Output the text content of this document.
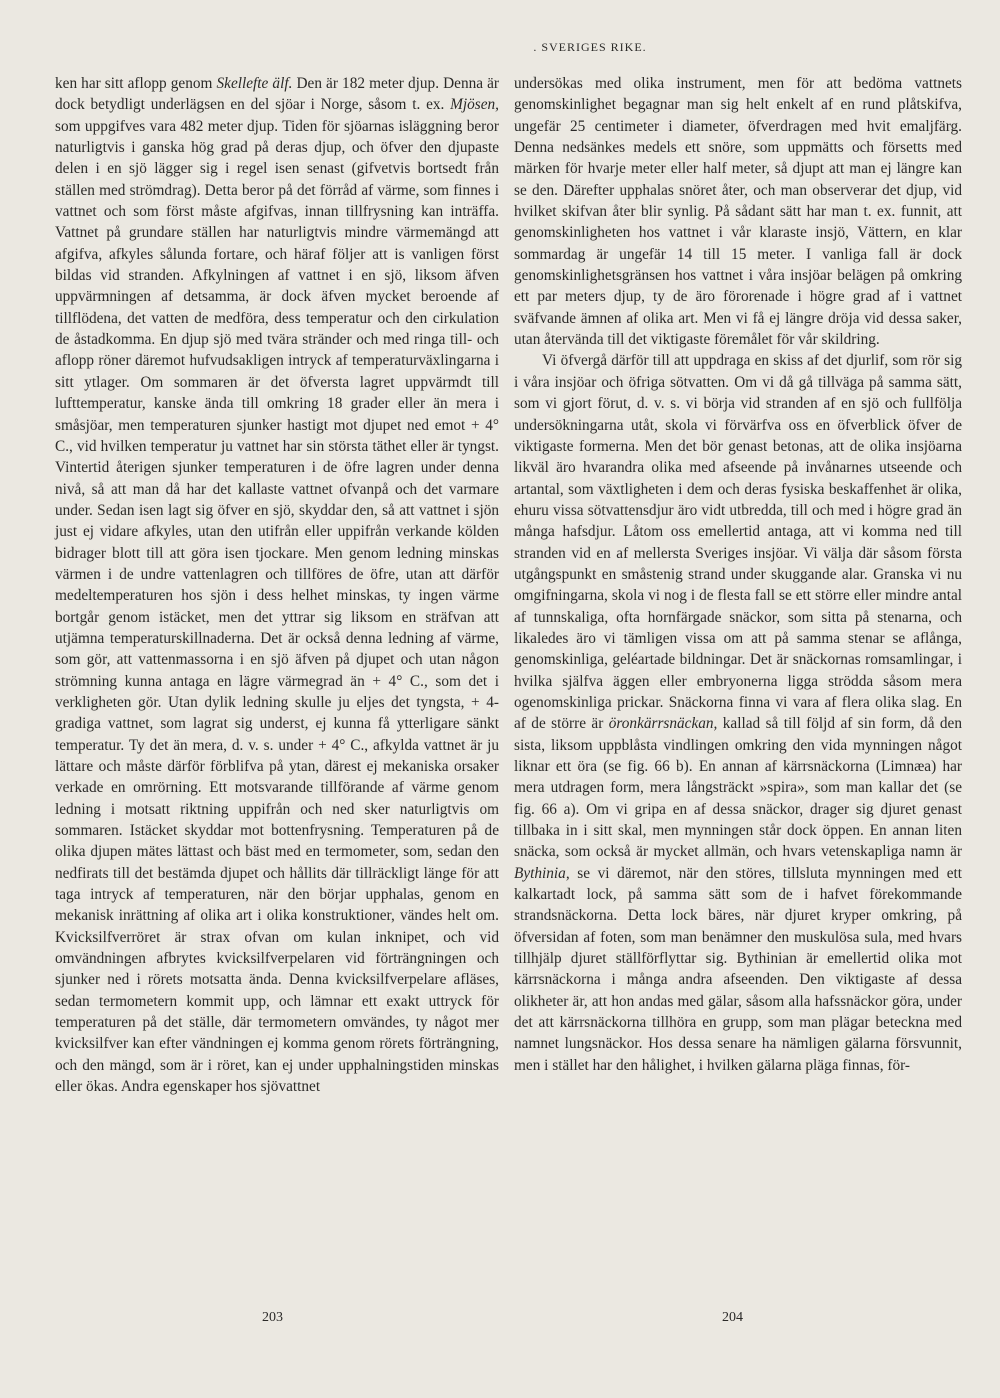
. SVERIGES RIKE.

ken har sitt aflopp genom Skellefte älf. Den är 182 meter djup. Denna är dock betydligt underlägsen en del sjöar i Norge, såsom t. ex. Mjösen, som uppgifves vara 482 meter djup. Tiden för sjöarnas isläggning beror naturligtvis i ganska hög grad på deras djup, och öfver den djupaste delen i en sjö lägger sig i regel isen senast (gifvetvis bortsedt från ställen med strömdrag). Detta beror på det förråd af värme, som finnes i vattnet och som först måste afgifvas, innan tillfrysning kan inträffa. Vattnet på grundare ställen har naturligtvis mindre värmemängd att afgifva, afkyles sålunda fortare, och häraf följer att is vanligen först bildas vid stranden. Afkylningen af vattnet i en sjö, liksom äfven uppvärmningen af detsamma, är dock äfven mycket beroende af tillflödena, det vatten de medföra, dess temperatur och den cirkulation de åstadkomma. En djup sjö med tvära stränder och med ringa till- och aflopp röner däremot hufvudsakligen intryck af temperaturväxlingarna i sitt ytlager. Om sommaren är det öfversta lagret uppvärmdt till lufttemperatur, kanske ända till omkring 18 grader eller än mera i småsjöar, men temperaturen sjunker hastigt mot djupet ned emot + 4° C., vid hvilken temperatur ju vattnet har sin största täthet eller är tyngst. Vintertid återigen sjunker temperaturen i de öfre lagren under denna nivå, så att man då har det kallaste vattnet ofvanpå och det varmare under. Sedan isen lagt sig öfver en sjö, skyddar den, så att vattnet i sjön just ej vidare afkyles, utan den utifrån eller uppifrån verkande kölden bidrager blott till att göra isen tjockare. Men genom ledning minskas värmen i de undre vattenlagren och tillföres de öfre, utan att därför medeltemperaturen hos sjön i dess helhet minskas, ty ingen värme bortgår genom istäcket, men det yttrar sig liksom en sträfvan att utjämna temperaturskillnaderna. Det är också denna ledning af värme, som gör, att vattenmassorna i en sjö äfven på djupet och utan någon strömning kunna antaga en lägre värmegrad än + 4° C., som det i verkligheten gör. Utan dylik ledning skulle ju eljes det tyngsta, + 4-gradiga vattnet, som lagrat sig underst, ej kunna få ytterligare sänkt temperatur. Ty det än mera, d. v. s. under + 4° C., afkylda vattnet är ju lättare och måste därför förblifva på ytan, därest ej mekaniska orsaker verkade en omrörning. Ett motsvarande tillförande af värme genom ledning i motsatt riktning uppifrån och ned sker naturligtvis om sommaren. Istäcket skyddar mot bottenfrysning. Temperaturen på de olika djupen mätes lättast och bäst med en termometer, som, sedan den nedfirats till det bestämda djupet och hållits där tillräckligt länge för att taga intryck af temperaturen, när den börjar upphalas, genom en mekanisk inrättning af olika art i olika konstruktioner, vändes helt om. Kvicksilfverröret är strax ofvan om kulan inknipet, och vid omvändningen afbrytes kvicksilfverpelaren vid förträngningen och sjunker ned i rörets motsatta ända. Denna kvicksilfverpelare afläses, sedan termometern kommit upp, och lämnar ett exakt uttryck för temperaturen på det ställe, där termometern omvändes, ty något mer kvicksilfver kan efter vändningen ej komma genom rörets förträngning, och den mängd, som är i röret, kan ej under upphalningstiden minskas eller ökas. Andra egenskaper hos sjövattnet

undersökas med olika instrument, men för att bedöma vattnets genomskinlighet begagnar man sig helt enkelt af en rund plåtskifva, ungefär 25 centimeter i diameter, öfverdragen med hvit emaljfärg. Denna nedsänkes medels ett snöre, som uppmätts och försetts med märken för hvarje meter eller half meter, så djupt att man ej längre kan se den. Därefter upphalas snöret åter, och man observerar det djup, vid hvilket skifvan åter blir synlig. På sådant sätt har man t. ex. funnit, att genomskinligheten hos vattnet i vår klaraste insjö, Vättern, en klar sommardag är ungefär 14 till 15 meter. I vanliga fall är dock genomskinlighetsgränsen hos vattnet i våra insjöar belägen på omkring ett par meters djup, ty de äro förorenade i högre grad af i vattnet sväfvande ämnen af olika art. Men vi få ej längre dröja vid dessa saker, utan återvända till det viktigaste föremålet för vår skildring.

Vi öfvergå därför till att uppdraga en skiss af det djurlif, som rör sig i våra insjöar och öfriga sötvatten. Om vi då gå tillväga på samma sätt, som vi gjort förut, d. v. s. vi börja vid stranden af en sjö och fullfölja undersökningarna utåt, skola vi förvärfva oss en öfverblick öfver de viktigaste formerna. Men det bör genast betonas, att de olika insjöarna likväl äro hvarandra olika med afseende på invånarnes utseende och artantal, som växtligheten i dem och deras fysiska beskaffenhet är olika, ehuru vissa sötvattensdjur äro vidt utbredda, till och med i högre grad än många hafsdjur. Låtom oss emellertid antaga, att vi komma ned till stranden vid en af mellersta Sveriges insjöar. Vi välja där såsom första utgångspunkt en småstenig strand under skuggande alar. Granska vi nu omgifningarna, skola vi nog i de flesta fall se ett större eller mindre antal af tunnskaliga, ofta hornfärgade snäckor, som sitta på stenarna, och likaledes äro vi tämligen vissa om att på samma stenar se aflånga, genomskinliga, geléartade bildningar. Det är snäckornas romsamlingar, i hvilka själfva äggen eller embryonerna ligga strödda såsom mera ogenomskinliga prickar. Snäckorna finna vi vara af flera olika slag. En af de större är öronkärrsnäckan, kallad så till följd af sin form, då den sista, liksom uppblåsta vindlingen omkring den vida mynningen något liknar ett öra (se fig. 66 b). En annan af kärrsnäckorna (Limnæa) har mera utdragen form, mera långsträckt »spira», som man kallar det (se fig. 66 a). Om vi gripa en af dessa snäckor, drager sig djuret genast tillbaka in i sitt skal, men mynningen står dock öppen. En annan liten snäcka, som också är mycket allmän, och hvars vetenskapliga namn är Bythinia, se vi däremot, när den störes, tillsluta mynningen med ett kalkartadt lock, på samma sätt som de i hafvet förekommande strandsnäckorna. Detta lock bäres, när djuret kryper omkring, på öfversidan af foten, som man benämner den muskulösa sula, med hvars tillhjälp djuret ställförflyttar sig. Bythinian är emellertid olika mot kärrsnäckorna i många andra afseenden. Den viktigaste af dessa olikheter är, att hon andas med gälar, såsom alla hafssnäckor göra, under det att kärrsnäckorna tillhöra en grupp, som man plägar beteckna med namnet lungsnäckor. Hos dessa senare ha nämligen gälarna försvunnit, men i stället har den hålighet, i hvilken gälarna pläga finnas, för-

203	204
